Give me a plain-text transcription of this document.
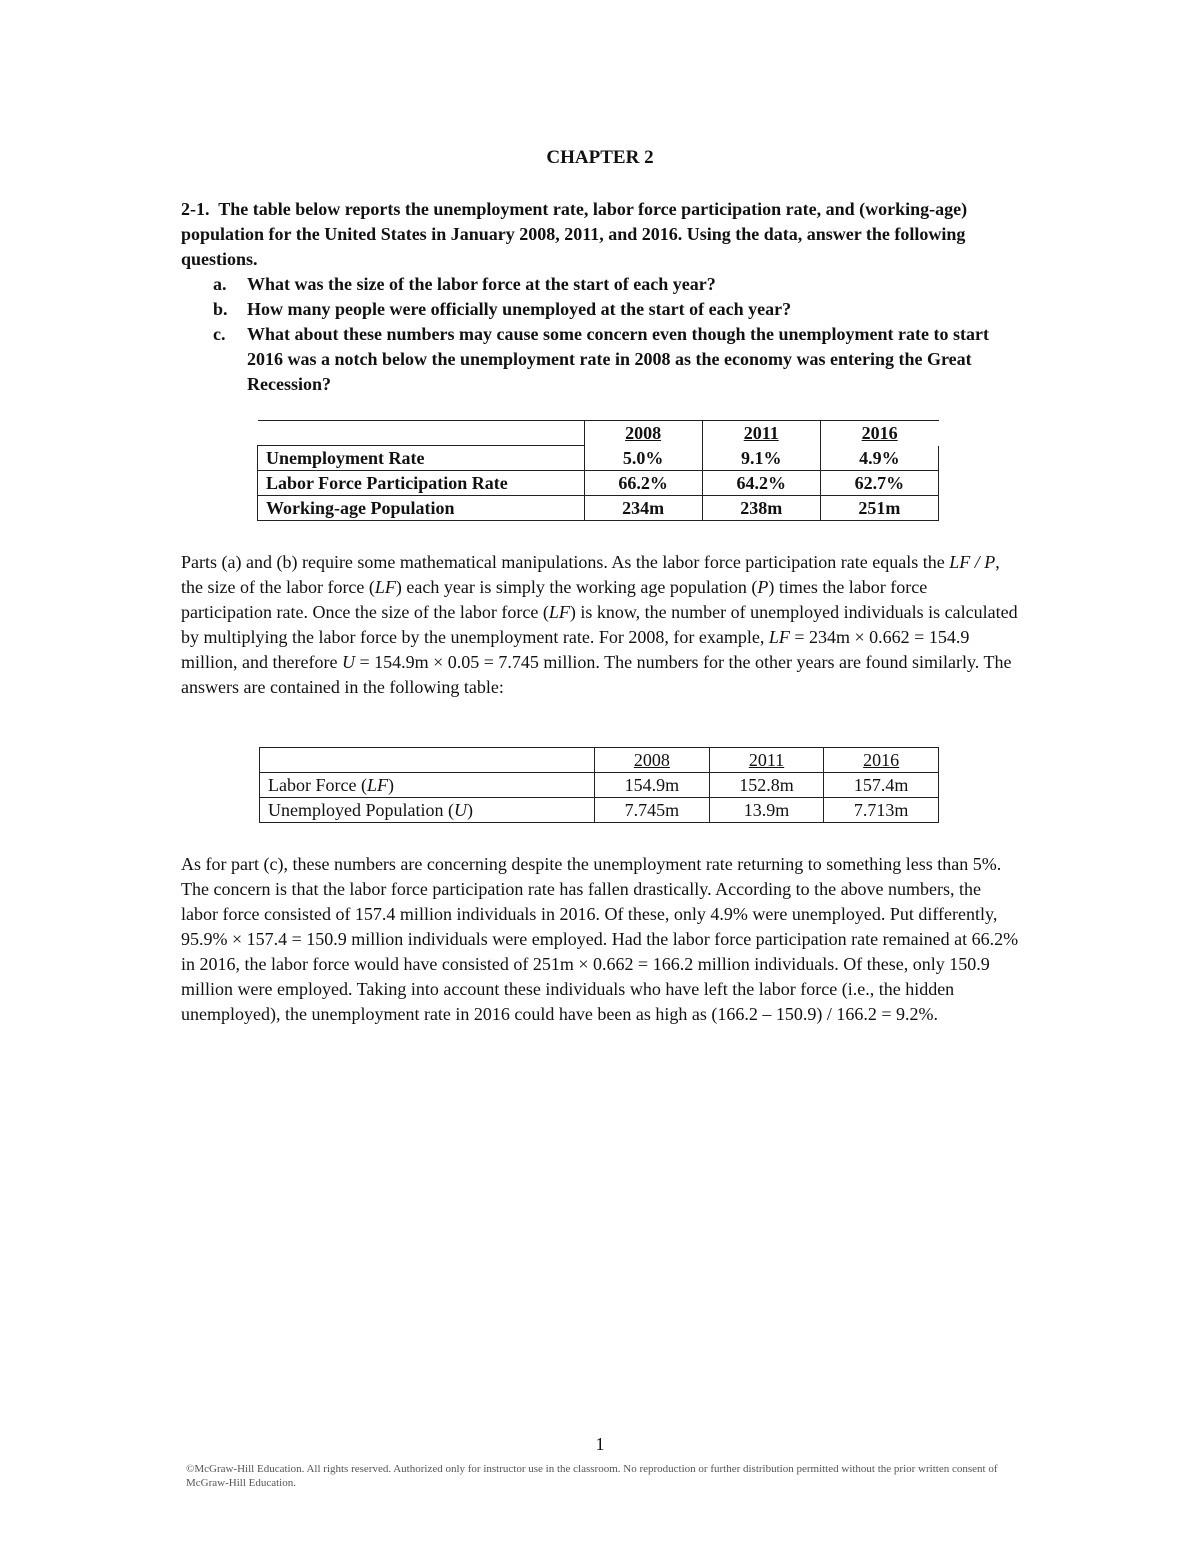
CHAPTER 2
2-1. The table below reports the unemployment rate, labor force participation rate, and (working-age) population for the United States in January 2008, 2011, and 2016. Using the data, answer the following questions.
a. What was the size of the labor force at the start of each year?
b. How many people were officially unemployed at the start of each year?
c. What about these numbers may cause some concern even though the unemployment rate to start 2016 was a notch below the unemployment rate in 2008 as the economy was entering the Great Recession?
	2008	2011	2016
Unemployment Rate	5.0%	9.1%	4.9%
Labor Force Participation Rate	66.2%	64.2%	62.7%
Working-age Population	234m	238m	251m
Parts (a) and (b) require some mathematical manipulations. As the labor force participation rate equals the LF / P, the size of the labor force (LF) each year is simply the working age population (P) times the labor force participation rate. Once the size of the labor force (LF) is know, the number of unemployed individuals is calculated by multiplying the labor force by the unemployment rate. For 2008, for example, LF = 234m × 0.662 = 154.9 million, and therefore U = 154.9m × 0.05 = 7.745 million. The numbers for the other years are found similarly. The answers are contained in the following table:
	2008	2011	2016
Labor Force (LF)	154.9m	152.8m	157.4m
Unemployed Population (U)	7.745m	13.9m	7.713m
As for part (c), these numbers are concerning despite the unemployment rate returning to something less than 5%. The concern is that the labor force participation rate has fallen drastically. According to the above numbers, the labor force consisted of 157.4 million individuals in 2016. Of these, only 4.9% were unemployed. Put differently, 95.9% × 157.4 = 150.9 million individuals were employed. Had the labor force participation rate remained at 66.2% in 2016, the labor force would have consisted of 251m × 0.662 = 166.2 million individuals. Of these, only 150.9 million were employed. Taking into account these individuals who have left the labor force (i.e., the hidden unemployed), the unemployment rate in 2016 could have been as high as (166.2 – 150.9) / 166.2 = 9.2%.
1
©McGraw-Hill Education. All rights reserved. Authorized only for instructor use in the classroom. No reproduction or further distribution permitted without the prior written consent of McGraw-Hill Education.
